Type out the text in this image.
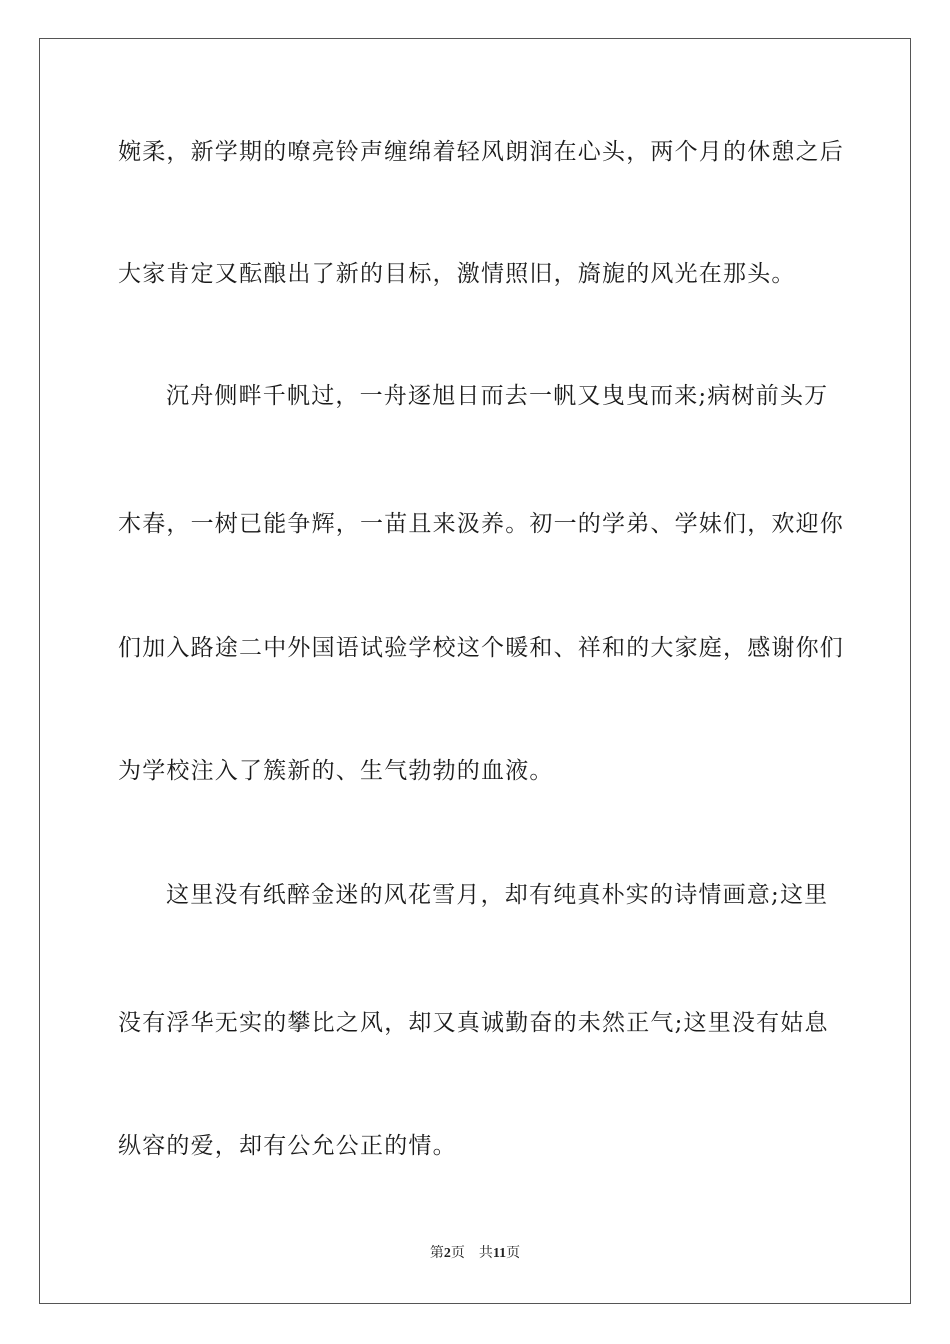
婉柔，新学期的嘹亮铃声缠绵着轻风朗润在心头，两个月的休憩之后
大家肯定又酝酿出了新的目标，激情照旧，旖旎的风光在那头。
沉舟侧畔千帆过，一舟逐旭日而去一帆又曳曳而来;病树前头万
木春，一树已能争辉，一苗且来汲养。初一的学弟、学妹们，欢迎你
们加入路途二中外国语试验学校这个暖和、祥和的大家庭，感谢你们
为学校注入了簇新的、生气勃勃的血液。
这里没有纸醉金迷的风花雪月，却有纯真朴实的诗情画意;这里
没有浮华无实的攀比之风，却又真诚勤奋的未然正气;这里没有姑息
纵容的爱，却有公允公正的情。
第2页 共11页
